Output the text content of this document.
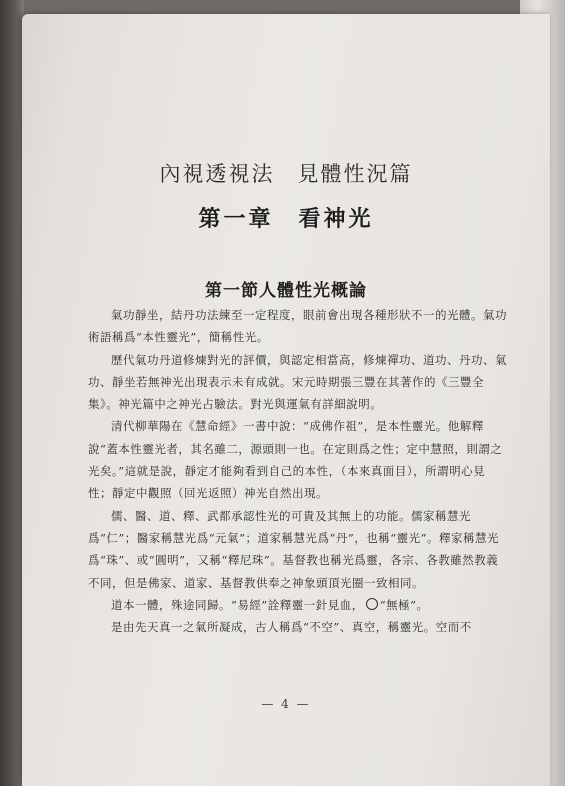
內視透視法　見體性況篇
第一章　看神光
第一節人體性光概論

氣功靜坐，結丹功法練至一定程度，眼前會出現各種形狀不一的光體。氣功術語稱爲“本性靈光”，簡稱性光。

歷代氣功丹道修煉對光的評價，與認定相當高，修煉禪功、道功、丹功、氣功、靜坐若無神光出現表示未有成就。宋元時期張三豐在其著作的《三豐全集》。神光篇中之神光占驗法。對光與運氣有詳細說明。

清代柳華陽在《慧命經》一書中說：“成佛作祖”，是本性靈光。他解釋說“蓋本性靈光者，其名雖二，源頭則一也。在定則爲之性；定中慧照，則謂之光矣。”這就是說，靜定才能夠看到自己的本性，（本來真面目），所謂明心見性；靜定中觀照（回光返照）神光自然出現。

儒、醫、道、釋、武都承認性光的可貴及其無上的功能。儒家稱慧光爲“仁”；醫家稱慧光爲“元氣”；道家稱慧光爲“丹”，也稱“靈光”。釋家稱慧光爲“珠”、或“圓明”，又稱“釋尼珠”。基督教也稱光爲靈，各宗、各教雖然教義不同，但是佛家、道家、基督教供奉之神象頭頂光圈一致相同。

道本一體，殊途同歸。“易經”詮釋靈一針見血， “無極”。

是由先天真一之氣所凝成，古人稱爲“不空”、真空，稱靈光。空而不

— 4 —
